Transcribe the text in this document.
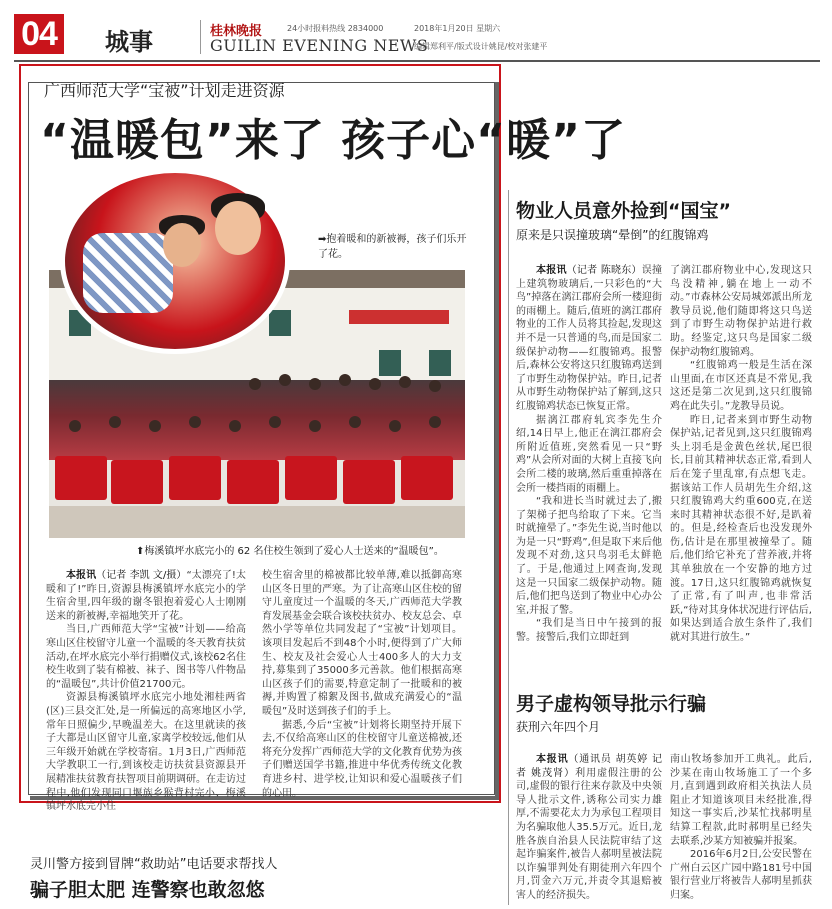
04 城事	桂林晚报	24小时报料热线 2834000
GUILIN EVENING NEWS
2018年1月20日 星期六
编辑郑利平/版式设计姚昆/校对张建平
广西师范大学“宝被”计划走进资源
“温暖包”来了 孩子心“暖”了
➡抱着暖和的新被褥，孩子们乐开了花。
⬆梅溪镇坪水底完小的 62 名住校生领到了爱心人士送来的“温暖包”。

本报讯（记者 李凯 文/摄）“太漂亮了!太暖和了!”昨日,资源县梅溪镇坪水底完小的学生宿舍里,四年级的谢冬银抱着爱心人士刚刚送来的新被褥,幸福地笑开了花。

当日,广西师范大学“宝被”计划——给高寒山区住校留守儿童一个温暖的冬天教育扶贫活动,在坪水底完小举行捐赠仪式,该校62名住校生收到了装有棉被、袜子、图书等八件物品的“温暖包”,共计价值21700元。

资源县梅溪镇坪水底完小地处湘桂两省(区)三县交汇处,是一所偏远的高寒地区小学,常年日照偏少,早晚温差大。在这里就读的孩子大都是山区留守儿童,家离学校较远,他们从三年级开始就在学校寄宿。1月3日,广西师范大学教职工一行,到该校走访扶贫县资源县开展精准扶贫教育扶智项目前期调研。在走访过程中,他们发现同口堰族乡猴背村完小、梅溪镇坪水底完小住

校生宿舍里的棉被都比较单薄,难以抵御高寒山区冬日里的严寒。为了让高寒山区住校的留守儿童度过一个温暖的冬天,广西师范大学教育发展基金会联合该校扶贫办、校友总会、卓然小学等单位共同发起了“宝被”计划项目。该项目发起后不到48个小时,便得到了广大师生、校友及社会爱心人士400多人的大力支持,募集到了35000多元善款。他们根据高寒山区孩子们的需要,特意定制了一批暖和的被褥,并购置了棉絮及图书,做成充满爱心的“温暖包”及时送到孩子们的手上。

据悉,今后“宝被”计划将长期坚持开展下去,不仅给高寒山区的住校留守儿童送棉被,还将充分发挥广西师范大学的文化教育优势为孩子们赠送国学书籍,推进中华优秀传统文化教育进乡村、进学校,让知识和爱心温暖孩子们的心田。

灵川警方接到冒牌“救助站”电话要求帮找人
骗子胆太肥 连警察也敢忽悠
物业人员意外捡到“国宝”
原来是只误撞玻璃“晕倒”的红腹锦鸡

本报讯（记者 陈晓东）误撞上建筑物玻璃后,一只彩色的“大鸟”掉落在漓江郡府会所一楼迎街的雨棚上。随后,值班的漓江郡府物业的工作人员将其捡起,发现这并不是一只普通的鸟,而是国家二级保护动物——红腹锦鸡。报警后,森林公安将这只红腹锦鸡送到了市野生动物保护站。昨日,记者从市野生动物保护站了解到,这只红腹锦鸡状态已恢复正常。

据漓江郡府轧宾李先生介绍,14日早上,他正在漓江郡府会所附近值班,突然看见一只“野鸡”从会所对面的大树上直接飞向会所二楼的玻璃,然后重重掉落在会所一楼挡雨的雨棚上。

“我和进长当时就过去了,搬了架梯子把鸟给取了下来。它当时就撞晕了。”李先生说,当时他以为是一只“野鸡”,但是取下来后他发现不对劲,这只鸟羽毛太鲜艳了。于是,他通过上网查询,发现这是一只国家二级保护动物。随后,他们把鸟送到了物业中心办公室,并报了警。

“我们是当日中午接到的报警。接警后,我们立即赶到

了漓江郡府物业中心,发现这只鸟没精神,躺在地上一动不动。”市森林公安局城郊派出所龙教导员说,他们随即将这只鸟送到了市野生动物保护站进行救助。经鉴定,这只鸟是国家二级保护动物红腹锦鸡。

“红腹锦鸡一般是生活在深山里面,在市区还真是不常见,我这还是第二次见到,这只红腹锦鸡在此失引。”龙教导员说。

昨日,记者来到市野生动物保护站,记者见到,这只红腹锦鸡头上羽毛是金黄色丝状,尾巴很长,目前其精神状态正常,看到人后在笼子里乱窜,有点想飞走。据该站工作人员胡先生介绍,这只红腹锦鸡大约重600克,在送来时其精神状态很不好,是趴着的。但是,经检查后也没发现外伤,估计是在那里被撞晕了。随后,他们给它补充了营养液,并将其单独放在一个安静的地方过渡。17日,这只红腹锦鸡就恢复了正常,有了叫声,也非常活跃,“待对其身体状况进行评估后,如果达到适合放生条件了,我们就对其进行放生。”

男子虚构领导批示行骗
获刑六年四个月

本报讯（通讯员 胡英婷 记者 姚茂肾）利用虚假注册的公司,虚假的银行往来存款及中央领导人批示文件,诱称公司实力雄厚,不需要花太力为承包工程项目为名骗取他人35.5万元。近日,龙胜各族自治县人民法院审结了这起诈骗案件,被告人郝明星被法院以诈骗罪判处有期徒刑六年四个月,罚金六万元,并责令其退赔被害人的经济损失。

南山牧场参加开工典礼。此后,沙某在南山牧场施工了一个多月,直到遇到政府相关执法人员阻止才知道该项目未经批准,得知这一事实后,沙某忙找郝明星结算工程款,此时郝明星已经失去联系,沙某方知被骗并报案。

2016年6月2日,公安民警在广州白云区广园中路181号中国银行营业厅将被告人郝明星抓获归案。
